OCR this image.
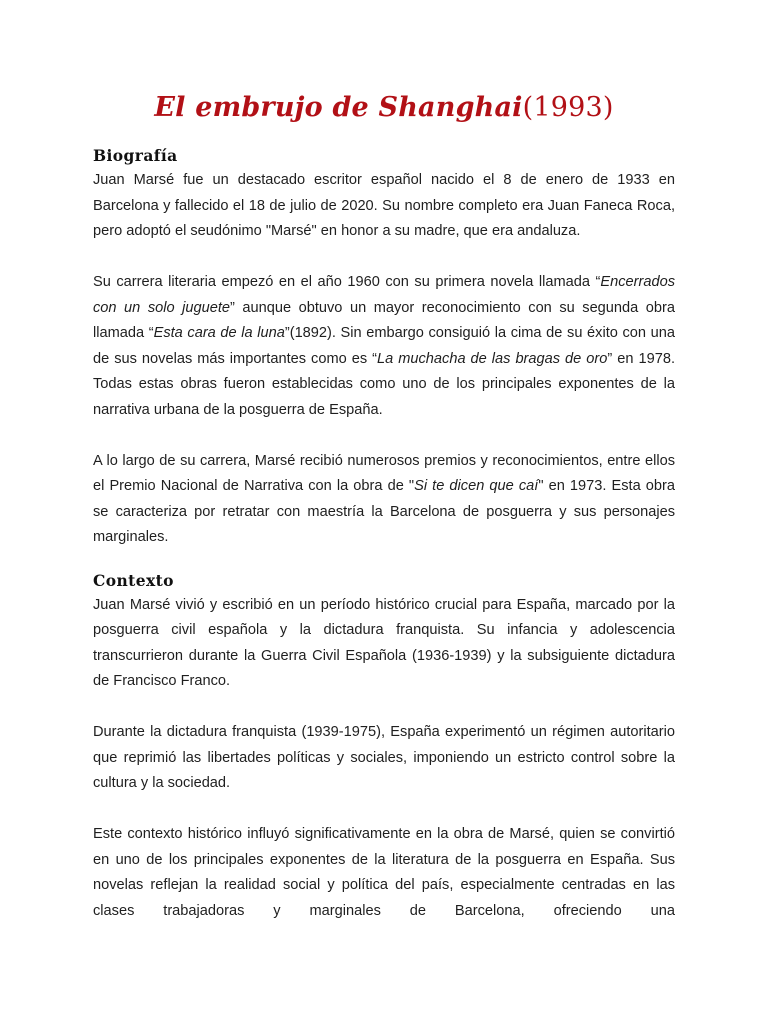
El embrujo de Shanghai(1993)
Biografía

Juan Marsé fue un destacado escritor español nacido el 8 de enero de 1933 en Barcelona y fallecido el 18 de julio de 2020. Su nombre completo era Juan Faneca Roca, pero adoptó el seudónimo "Marsé" en honor a su madre, que era andaluza.

Su carrera literaria empezó en el año 1960 con su primera novela llamada “Encerrados con un solo juguete” aunque obtuvo un mayor reconocimiento con su segunda obra llamada “Esta cara de la luna”(1892). Sin embargo consiguió la cima de su éxito con una de sus novelas más importantes como es “La muchacha de las bragas de oro” en 1978. Todas estas obras fueron establecidas como uno de los principales exponentes de la narrativa urbana de la posguerra de España.

A lo largo de su carrera, Marsé recibió numerosos premios y reconocimientos, entre ellos el Premio Nacional de Narrativa con la obra de "Si te dicen que caí" en 1973. Esta obra se caracteriza por retratar con maestría la Barcelona de posguerra y sus personajes marginales.

Contexto

Juan Marsé vivió y escribió en un período histórico crucial para España, marcado por la posguerra civil española y la dictadura franquista. Su infancia y adolescencia transcurrieron durante la Guerra Civil Española (1936-1939) y la subsiguiente dictadura de Francisco Franco.

Durante la dictadura franquista (1939-1975), España experimentó un régimen autoritario que reprimió las libertades políticas y sociales, imponiendo un estricto control sobre la cultura y la sociedad.

Este contexto histórico influyó significativamente en la obra de Marsé, quien se convirtió en uno de los principales exponentes de la literatura de la posguerra en España. Sus novelas reflejan la realidad social y política del país, especialmente centradas en las clases trabajadoras y marginales de Barcelona, ofreciendo una
